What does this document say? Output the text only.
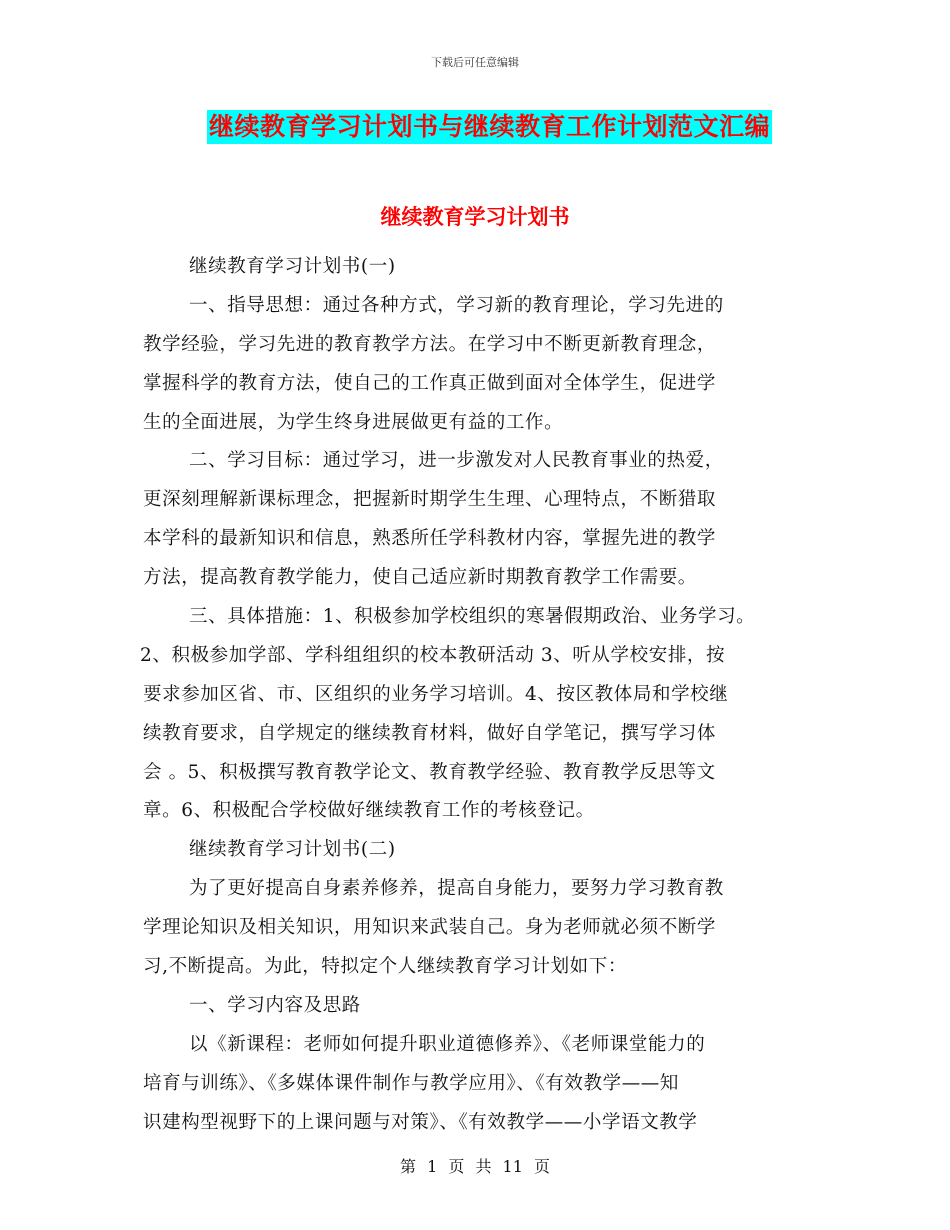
下载后可任意编辑
继续教育学习计划书与继续教育工作计划范文汇编
继续教育学习计划书
继续教育学习计划书(一)
一、指导思想：通过各种方式，学习新的教育理论，学习先进的
教学经验，学习先进的教育教学方法。在学习中不断更新教育理念，
掌握科学的教育方法，使自己的工作真正做到面对全体学生，促进学
生的全面进展，为学生终身进展做更有益的工作。
二、学习目标：通过学习，进一步激发对人民教育事业的热爱，
更深刻理解新课标理念，把握新时期学生生理、心理特点，不断猎取
本学科的最新知识和信息，熟悉所任学科教材内容，掌握先进的教学
方法，提高教育教学能力，使自己适应新时期教育教学工作需要。
三、具体措施：1、积极参加学校组织的寒暑假期政治、业务学习。
2、积极参加学部、学科组组织的校本教研活动 3、听从学校安排，按
要求参加区省、市、区组织的业务学习培训。4、按区教体局和学校继
续教育要求，自学规定的继续教育材料，做好自学笔记，撰写学习体
会 。5、积极撰写教育教学论文、教育教学经验、教育教学反思等文
章。6、积极配合学校做好继续教育工作的考核登记。
继续教育学习计划书(二)
为了更好提高自身素养修养，提高自身能力，要努力学习教育教
学理论知识及相关知识，用知识来武装自己。身为老师就必须不断学
习,不断提高。为此，特拟定个人继续教育学习计划如下：
一、学习内容及思路
以《新课程：老师如何提升职业道德修养》、《老师课堂能力的
培育与训练》、《多媒体课件制作与教学应用》、《有效教学——知
识建构型视野下的上课问题与对策》、《有效教学——小学语文教学
第 1 页 共 11 页
